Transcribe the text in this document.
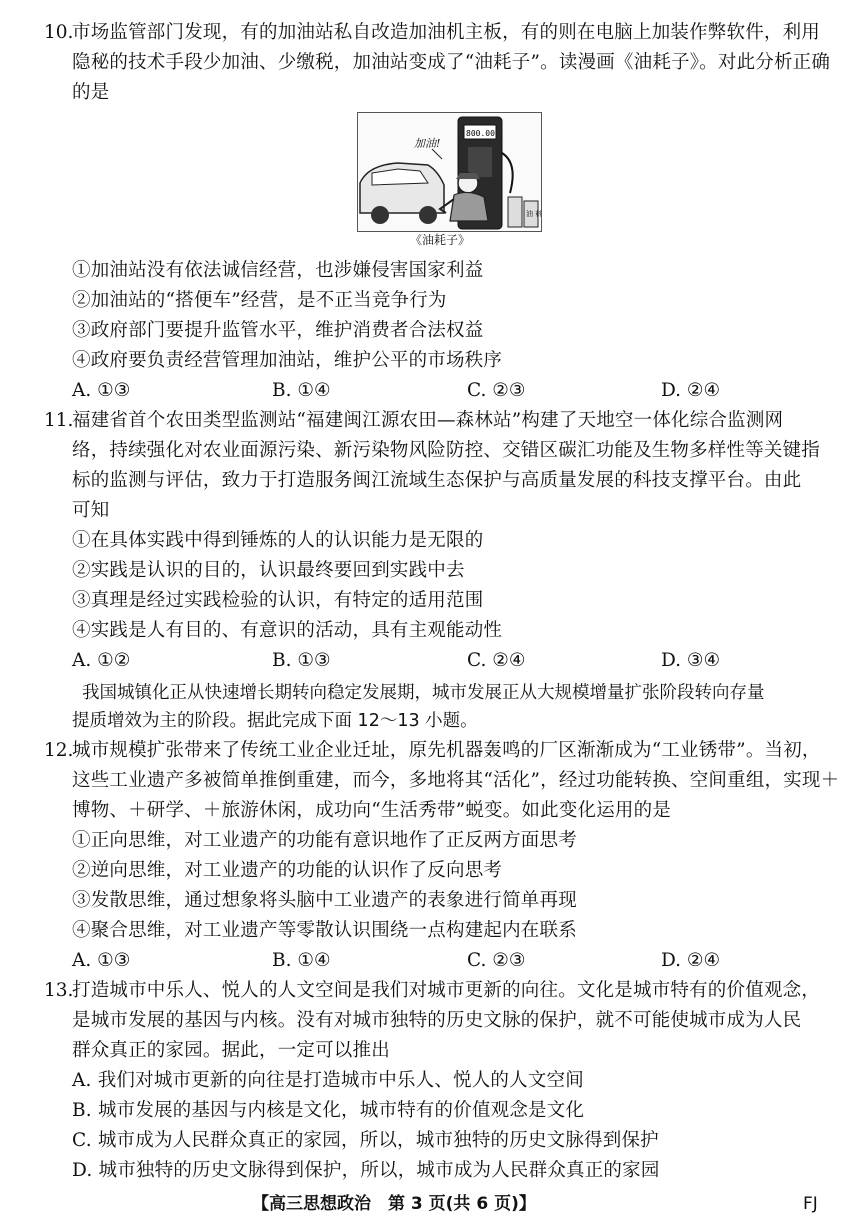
10.
市场监管部门发现，有的加油站私自改造加油机主板，有的则在电脑上加装作弊软件，利用
隐秘的技术手段少加油、少缴税，加油站变成了“油耗子”。读漫画《油耗子》。对此分析正确
的是
800.00
油 料
加油!
《油耗子》
①加油站没有依法诚信经营，也涉嫌侵害国家利益
②加油站的“搭便车”经营，是不正当竞争行为
③政府部门要提升监管水平，维护消费者合法权益
④政府要负责经营管理加油站，维护公平的市场秩序
A. ①③	B. ①④	C. ②③	D. ②④
11.
福建省首个农田类型监测站“福建闽江源农田—森林站”构建了天地空一体化综合监测网
络，持续强化对农业面源污染、新污染物风险防控、交错区碳汇功能及生物多样性等关键指
标的监测与评估，致力于打造服务闽江流域生态保护与高质量发展的科技支撑平台。由此
可知
①在具体实践中得到锤炼的人的认识能力是无限的
②实践是认识的目的，认识最终要回到实践中去
③真理是经过实践检验的认识，有特定的适用范围
④实践是人有目的、有意识的活动，具有主观能动性
A. ①②	B. ①③	C. ②④	D. ③④
我国城镇化正从快速增长期转向稳定发展期，城市发展正从大规模增量扩张阶段转向存量
提质增效为主的阶段。据此完成下面 12～13 小题。
12.
城市规模扩张带来了传统工业企业迁址，原先机器轰鸣的厂区渐渐成为“工业锈带”。当初，
这些工业遗产多被简单推倒重建，而今，多地将其“活化”，经过功能转换、空间重组，实现＋
博物、＋研学、＋旅游休闲，成功向“生活秀带”蜕变。如此变化运用的是
①正向思维，对工业遗产的功能有意识地作了正反两方面思考
②逆向思维，对工业遗产的功能的认识作了反向思考
③发散思维，通过想象将头脑中工业遗产的表象进行简单再现
④聚合思维，对工业遗产等零散认识围绕一点构建起内在联系
A. ①③	B. ①④	C. ②③	D. ②④
13.
打造城市中乐人、悦人的人文空间是我们对城市更新的向往。文化是城市特有的价值观念，
是城市发展的基因与内核。没有对城市独特的历史文脉的保护，就不可能使城市成为人民
群众真正的家园。据此，一定可以推出
A. 我们对城市更新的向往是打造城市中乐人、悦人的人文空间
B. 城市发展的基因与内核是文化，城市特有的价值观念是文化
C. 城市成为人民群众真正的家园，所以，城市独特的历史文脉得到保护
D. 城市独特的历史文脉得到保护，所以，城市成为人民群众真正的家园
【高三思想政治　第 3 页(共 6 页)】	FJ
